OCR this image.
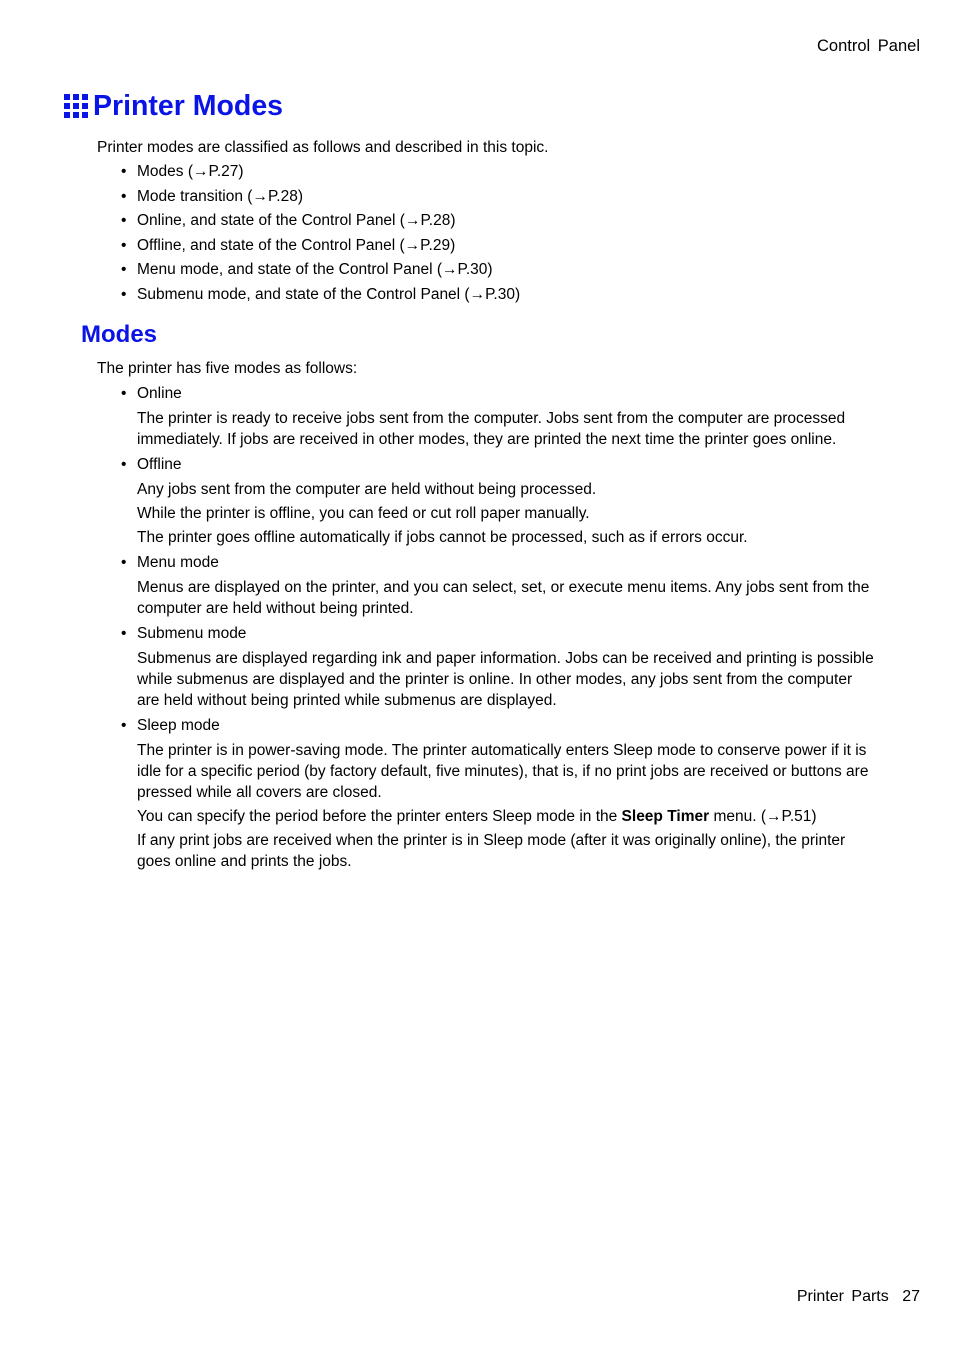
Control Panel
Printer Modes

Printer modes are classified as follows and described in this topic.

• Modes (→P.27)
• Mode transition (→P.28)
• Online, and state of the Control Panel (→P.28)
• Offline, and state of the Control Panel (→P.29)
• Menu mode, and state of the Control Panel (→P.30)
• Submenu mode, and state of the Control Panel (→P.30)
Modes

The printer has five modes as follows:

• Online

The printer is ready to receive jobs sent from the computer. Jobs sent from the computer are processed immediately. If jobs are received in other modes, they are printed the next time the printer goes online.

• Offline

Any jobs sent from the computer are held without being processed.

While the printer is offline, you can feed or cut roll paper manually.

The printer goes offline automatically if jobs cannot be processed, such as if errors occur.

• Menu mode

Menus are displayed on the printer, and you can select, set, or execute menu items. Any jobs sent from the computer are held without being printed.

• Submenu mode

Submenus are displayed regarding ink and paper information. Jobs can be received and printing is possible while submenus are displayed and the printer is online. In other modes, any jobs sent from the computer are held without being printed while submenus are displayed.

• Sleep mode

The printer is in power-saving mode. The printer automatically enters Sleep mode to conserve power if it is idle for a specific period (by factory default, five minutes), that is, if no print jobs are received or buttons are pressed while all covers are closed.

You can specify the period before the printer enters Sleep mode in the Sleep Timer menu. (→P.51)

If any print jobs are received when the printer is in Sleep mode (after it was originally online), the printer goes online and prints the jobs.

Printer Parts 27
